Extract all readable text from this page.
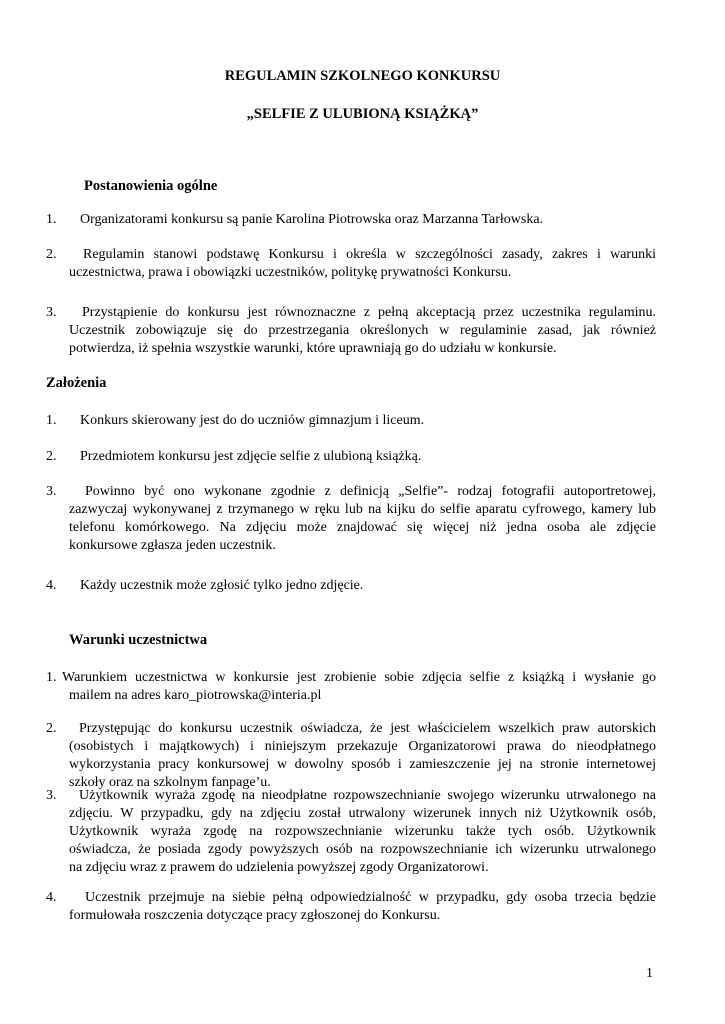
REGULAMIN SZKOLNEGO KONKURSU
„SELFIE Z ULUBIONĄ KSIĄŻKĄ”
Postanowienia ogólne
1. Organizatorami konkursu są panie Karolina Piotrowska oraz Marzanna Tarłowska.
2.	Regulamin stanowi podstawę Konkursu i określa w szczególności zasady, zakres i warunki
uczestnictwa, prawa i obowiązki uczestników, politykę prywatności Konkursu.
3.	Przystąpienie do konkursu jest równoznaczne z pełną akceptacją przez uczestnika regulaminu.
Uczestnik zobowiązuje się do przestrzegania określonych w regulaminie zasad, jak również
potwierdza, iż spełnia wszystkie warunki, które uprawniają go do udziału w konkursie.
Założenia
1. Konkurs skierowany jest do do uczniów gimnazjum i liceum.
2. Przedmiotem konkursu jest zdjęcie selfie z ulubioną książką.
3.	Powinno być ono wykonane zgodnie z definicją „Selfie”- rodzaj fotografii autoportretowej,
zazwyczaj wykonywanej z trzymanego w ręku lub na kijku do selfie aparatu cyfrowego, kamery lub
telefonu komórkowego. Na zdjęciu może znajdować się więcej niż jedna osoba ale zdjęcie
konkursowe zgłasza jeden uczestnik.
4. Każdy uczestnik może zgłosić tylko jedno zdjęcie.
Warunki uczestnictwa
1. Warunkiem uczestnictwa w konkursie jest zrobienie sobie zdjęcia selfie z książką i wysłanie go
mailem na adres karo_piotrowska@interia.pl
2.	Przystępując do konkursu uczestnik oświadcza, że jest właścicielem wszelkich praw autorskich
(osobistych i majątkowych) i niniejszym przekazuje Organizatorowi prawa do nieodpłatnego
wykorzystania pracy konkursowej w dowolny sposób i zamieszczenie jej na stronie internetowej
szkoły oraz na szkolnym fanpage’u.
3.	Użytkownik wyraża zgodę na nieodpłatne rozpowszechnianie swojego wizerunku utrwalonego na
zdjęciu. W przypadku, gdy na zdjęciu został utrwalony wizerunek innych niż Użytkownik osób,
Użytkownik wyraża zgodę na rozpowszechnianie wizerunku także tych osób. Użytkownik
oświadcza, że posiada zgody powyższych osób na rozpowszechnianie ich wizerunku utrwalonego
na zdjęciu wraz z prawem do udzielenia powyższej zgody Organizatorowi.
4.	Uczestnik przejmuje na siebie pełną odpowiedzialność w przypadku, gdy osoba trzecia będzie
formułowała roszczenia dotyczące pracy zgłoszonej do Konkursu.
1
